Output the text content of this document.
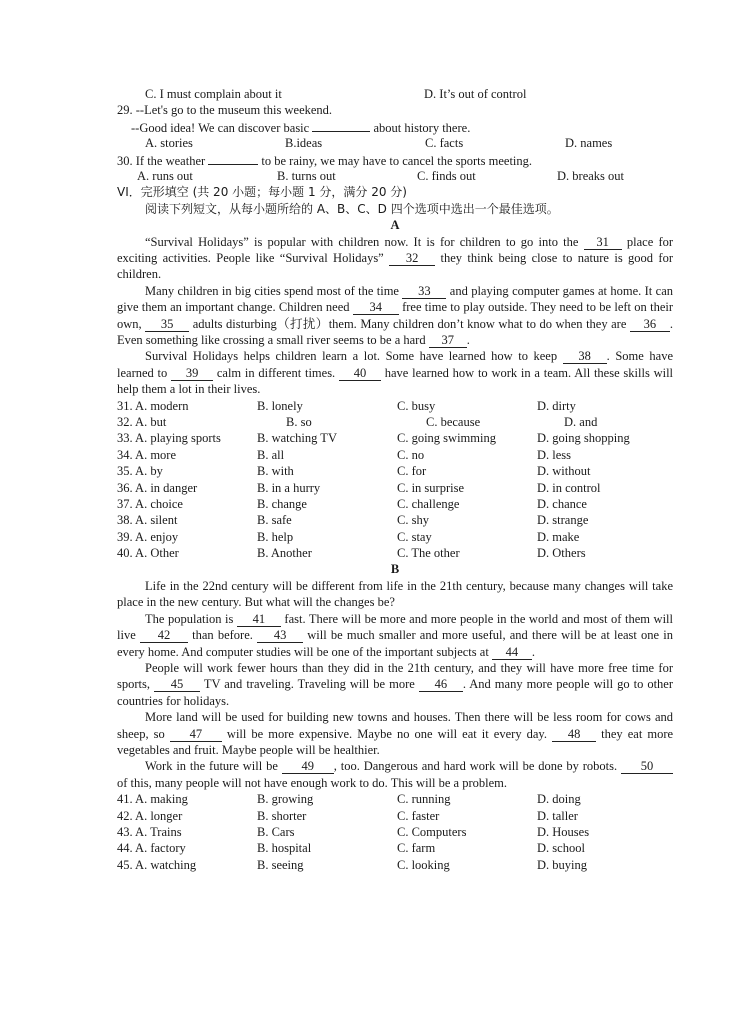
C. I must complain about it	D. It’s out of control
29. --Let's go to the museum this weekend.
--Good idea! We can discover basic	about history there.
A. stories	B.ideas	C. facts	D. names
30. If the weather	to be rainy, we may have to cancel the sports meeting.
A. runs out	B. turns out	C. finds out	D. breaks out
VI．完形填空 (共 20 小题；每小题 1 分，满分 20 分)
阅读下列短文，从每小题所给的 A、B、C、D 四个选项中选出一个最佳选项。
A
“Survival Holidays” is popular with children now. It is for children to go into the 31 place for exciting activities. People like “Survival Holidays” 32 they think being close to nature is good for children.
Many children in big cities spend most of the time 33 and playing computer games at home. It can give them an important change. Children need 34 free time to play outside. They need to be left on their own, 35 adults disturbing（打扰）them. Many children don’t know what to do when they are 36 . Even something like crossing a small river seems to be a hard 37 .
Survival Holidays helps children learn a lot. Some have learned how to keep 38 . Some have learned to 39 calm in different times. 40 have learned how to work in a team. All these skills will help them a lot in their lives.
31. A. modern	B. lonely	C. busy	D. dirty
32. A. but	B. so	C. because	D. and
33. A. playing sports	B. watching TV	C. going swimming	D. going shopping
34. A. more	B. all	C. no	D. less
35. A. by	B. with	C. for	D. without
36. A. in danger	B. in a hurry	C. in surprise	D. in control
37. A. choice	B. change	C. challenge	D. chance
38. A. silent	B. safe	C. shy	D. strange
39. A. enjoy	B. help	C. stay	D. make
40. A. Other	B. Another	C. The other	D. Others
B
Life in the 22nd century will be different from life in the 21th century, because many changes will take place in the new century. But what will the changes be?
The population is 41 fast. There will be more and more people in the world and most of them will live 42 than before. 43 will be much smaller and more useful, and there will be at least one in every home. And computer studies will be one of the important subjects at 44 .
People will work fewer hours than they did in the 21th century, and they will have more free time for sports, 45 TV and traveling. Traveling will be more 46 . And many more people will go to other countries for holidays.
More land will be used for building new towns and houses. Then there will be less room for cows and sheep, so 47 will be more expensive. Maybe no one will eat it every day. 48 they eat more vegetables and fruit. Maybe people will be healthier.
Work in the future will be 49 , too. Dangerous and hard work will be done by robots. 50 of this, many people will not have enough work to do. This will be a problem.
41. A. making	B. growing	C. running	D. doing
42. A. longer	B. shorter	C. faster	D. taller
43. A. Trains	B. Cars	C. Computers	D. Houses
44. A. factory	B. hospital	C. farm	D. school
45. A. watching	B. seeing	C. looking	D. buying
